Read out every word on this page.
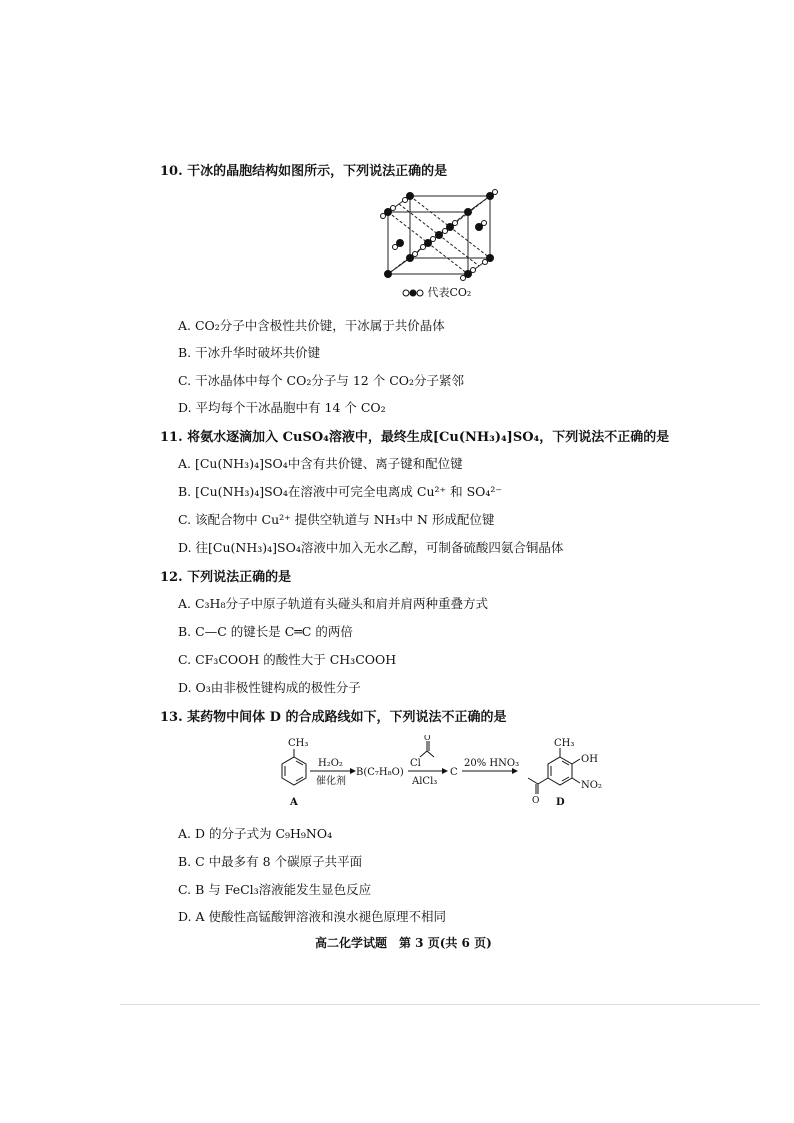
10. 干冰的晶胞结构如图所示，下列说法正确的是
代表CO₂
A. CO₂分子中含极性共价键，干冰属于共价晶体
B. 干冰升华时破坏共价键
C. 干冰晶体中每个 CO₂分子与 12 个 CO₂分子紧邻
D. 平均每个干冰晶胞中有 14 个 CO₂
11. 将氨水逐滴加入 CuSO₄溶液中，最终生成[Cu(NH₃)₄]SO₄，下列说法不正确的是
A. [Cu(NH₃)₄]SO₄中含有共价键、离子键和配位键
B. [Cu(NH₃)₄]SO₄在溶液中可完全电离成 Cu²⁺ 和 SO₄²⁻
C. 该配合物中 Cu²⁺ 提供空轨道与 NH₃中 N 形成配位键
D. 往[Cu(NH₃)₄]SO₄溶液中加入无水乙醇，可制备硫酸四氨合铜晶体
12. 下列说法正确的是
A. C₃H₈分子中原子轨道有头碰头和肩并肩两种重叠方式
B. C—C 的键长是 C═C 的两倍
C. CF₃COOH 的酸性大于 CH₃COOH
D. O₃由非极性键构成的极性分子
13. 某药物中间体 D 的合成路线如下，下列说法不正确的是
CH₃
A
H₂O₂
催化剂
B(C₇H₈O)
O
Cl
AlCl₃
C
20% HNO₃
CH₃
OH
NO₂
O D
A. D 的分子式为 C₉H₉NO₄
B. C 中最多有 8 个碳原子共平面
C. B 与 FeCl₃溶液能发生显色反应
D. A 使酸性高锰酸钾溶液和溴水褪色原理不相同
高二化学试题　第 3 页(共 6 页)
